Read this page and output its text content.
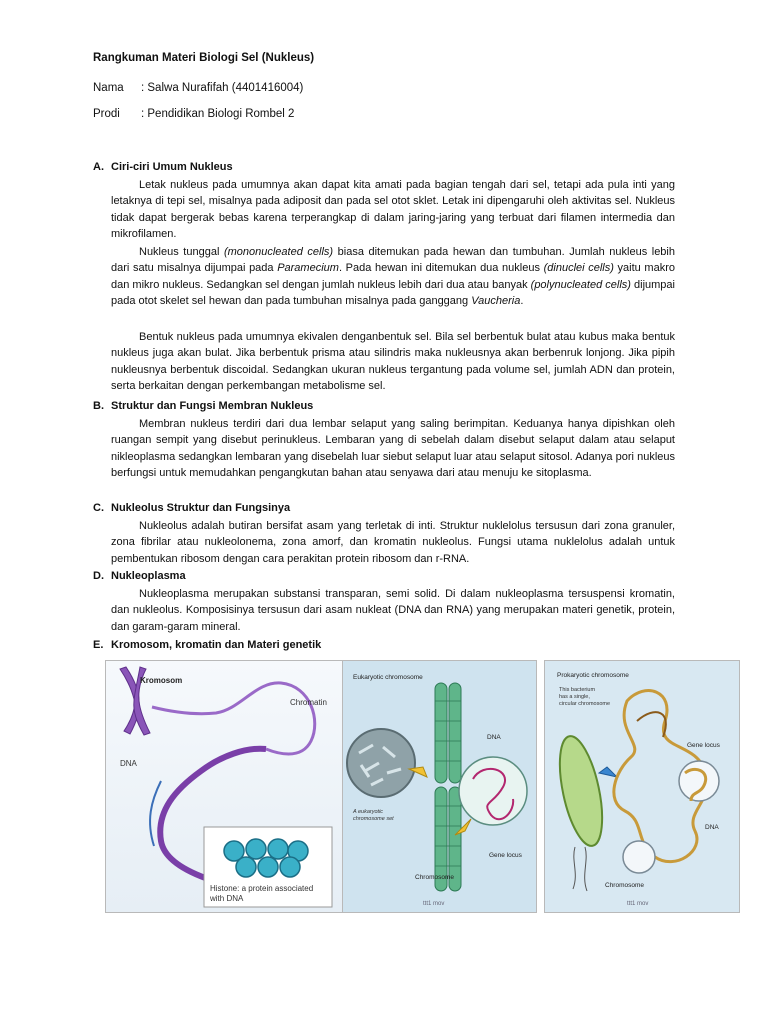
Rangkuman Materi Biologi Sel (Nukleus)
Nama : Salwa Nurafifah (4401416004)
Prodi : Pendidikan Biologi Rombel 2
A. Ciri-ciri Umum Nukleus

Letak nukleus pada umumnya akan dapat kita amati pada bagian tengah dari sel, tetapi ada pula inti yang letaknya di tepi sel, misalnya pada adiposit dan pada sel otot sklet. Letak ini dipengaruhi oleh aktivitas sel. Nukleus tidak dapat bergerak bebas karena terperangkap di dalam jaring-jaring yang terbuat dari filamen intermedia dan mikrofilamen.

Nukleus tunggal (mononucleated cells) biasa ditemukan pada hewan dan tumbuhan. Jumlah nukleus lebih dari satu misalnya dijumpai pada Paramecium. Pada hewan ini ditemukan dua nukleus (dinuclei cells) yaitu makro dan mikro nukleus. Sedangkan sel dengan jumlah nukleus lebih dari dua atau banyak (polynucleated cells) dijumpai pada otot skelet sel hewan dan pada tumbuhan misalnya pada ganggang Vaucheria.

Bentuk nukleus pada umumnya ekivalen denganbentuk sel. Bila sel berbentuk bulat atau kubus maka bentuk nukleus juga akan bulat. Jika berbentuk prisma atau silindris maka nukleusnya akan berbenruk lonjong. Jika pipih nukleusnya berbentuk discoidal. Sedangkan ukuran nukleus tergantung pada volume sel, jumlah ADN dan protein, serta berkaitan dengan perkembangan metabolisme sel.

B. Struktur dan Fungsi Membran Nukleus

Membran nukleus terdiri dari dua lembar selaput yang saling berimpitan. Keduanya hanya dipishkan oleh ruangan sempit yang disebut perinukleus. Lembaran yang di sebelah dalam disebut selaput dalam atau selaput nikleoplasma sedangkan lembaran yang disebelah luar siebut selaput luar atau selaput sitosol. Adanya pori nukleus berfungsi untuk memudahkan pengangkutan bahan atau senyawa dari atau menuju ke sitoplasma.

C. Nukleolus Struktur dan Fungsinya

Nukleolus adalah butiran bersifat asam yang terletak di inti. Struktur nuklelolus tersusun dari zona granuler, zona fibrilar atau nukleolonema, zona amorf, dan kromatin nukleolus. Fungsi utama nuklelolus adalah untuk pembentukan ribosom dengan cara perakitan protein ribosom dan r-RNA.

D. Nukleoplasma

Nukleoplasma merupakan substansi transparan, semi solid. Di dalam nukleoplasma tersuspensi kromatin, dan nukleolus. Komposisinya tersusun dari asam nukleat (DNA dan RNA) yang merupakan materi genetik, protein, dan garam-garam mineral.

E. Kromosom, kromatin dan Materi genetik
Kromosom
Chromatin
DNA
Histone: a protein associated
with DNA
Eukaryotic chromosome
A eukaryotic
chromosome set
DNA
Gene locus
Chromosome
ttt1 mov
Prokaryotic chromosome
This bacterium
has a single,
circular chromosome
Gene locus
DNA
Chromosome
ttt1 mov
